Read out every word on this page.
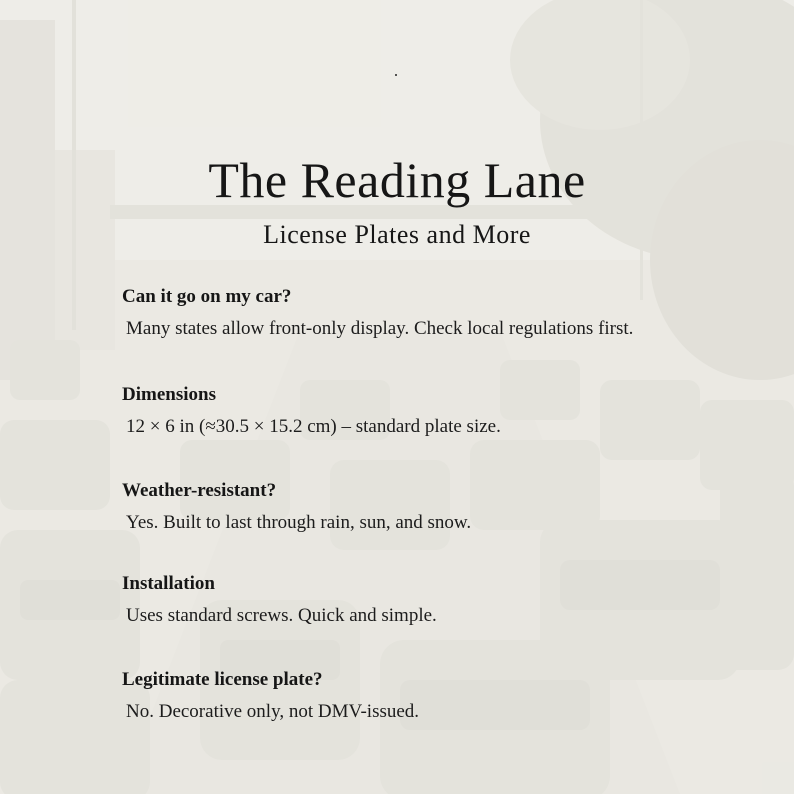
The Reading Lane
License Plates and More
Can it go on my car?
Many states allow front-only display. Check local regulations first.
Dimensions
12 × 6 in (≈30.5 × 15.2 cm) – standard plate size.
Weather-resistant?
Yes. Built to last through rain, sun, and snow.
Installation
Uses standard screws. Quick and simple.
Legitimate license plate?
No. Decorative only, not DMV-issued.
